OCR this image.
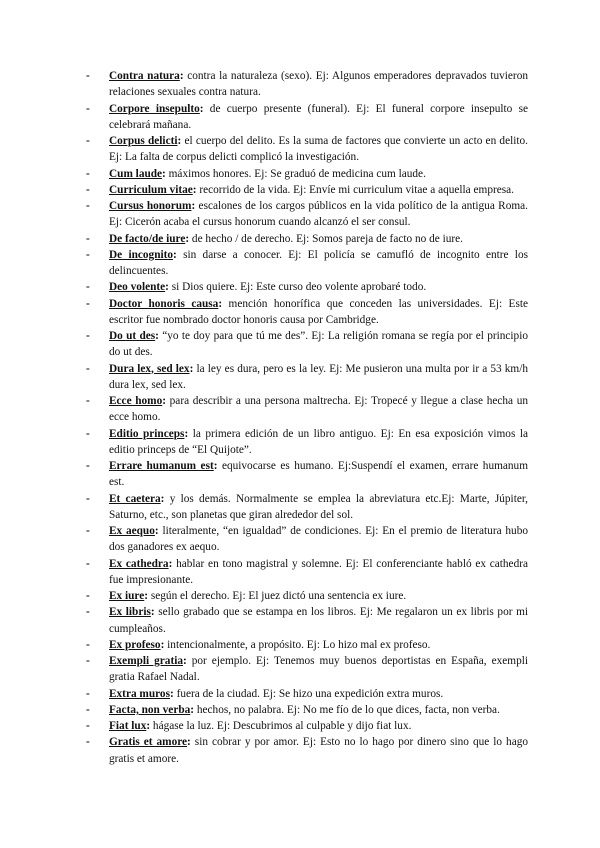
- Contra natura: contra la naturaleza (sexo). Ej: Algunos emperadores depravados tuvieron relaciones sexuales contra natura.
- Corpore insepulto: de cuerpo presente (funeral). Ej: El funeral corpore insepulto se celebrará mañana.
- Corpus delicti: el cuerpo del delito. Es la suma de factores que convierte un acto en delito. Ej: La falta de corpus delicti complicó la investigación.
- Cum laude: máximos honores. Ej: Se graduó de medicina cum laude.
- Curriculum vitae: recorrido de la vida. Ej: Envíe mi curriculum vitae a aquella empresa.
- Cursus honorum: escalones de los cargos públicos en la vida político de la antigua Roma. Ej: Cicerón acaba el cursus honorum cuando alcanzó el ser consul.
- De facto/de iure: de hecho / de derecho. Ej: Somos pareja de facto no de iure.
- De incognito: sin darse a conocer. Ej: El policía se camufló de incognito entre los delincuentes.
- Deo volente: si Dios quiere. Ej: Este curso deo volente aprobaré todo.
- Doctor honoris causa: mención honorífica que conceden las universidades. Ej: Este escritor fue nombrado doctor honoris causa por Cambridge.
- Do ut des: “yo te doy para que tú me des”. Ej: La religión romana se regía por el principio do ut des.
- Dura lex, sed lex: la ley es dura, pero es la ley. Ej: Me pusieron una multa por ir a 53 km/h dura lex, sed lex.
- Ecce homo: para describir a una persona maltrecha. Ej: Tropecé y llegue a clase hecha un ecce homo.
- Editio princeps: la primera edición de un libro antiguo. Ej: En esa exposición vimos la editio princeps de “El Quijote”.
- Errare humanum est: equivocarse es humano. Ej:Suspendí el examen, errare humanum est.
- Et caetera: y los demás. Normalmente se emplea la abreviatura etc.Ej: Marte, Júpiter, Saturno, etc., son planetas que giran alrededor del sol.
- Ex aequo: literalmente, “en igualdad” de condiciones. Ej: En el premio de literatura hubo dos ganadores ex aequo.
- Ex cathedra: hablar en tono magistral y solemne. Ej: El conferenciante habló ex cathedra fue impresionante.
- Ex iure: según el derecho. Ej: El juez dictó una sentencia ex iure.
- Ex libris: sello grabado que se estampa en los libros. Ej: Me regalaron un ex libris por mi cumpleaños.
- Ex profeso: intencionalmente, a propósito. Ej: Lo hizo mal ex profeso.
- Exempli gratia: por ejemplo. Ej: Tenemos muy buenos deportistas en España, exempli gratia Rafael Nadal.
- Extra muros: fuera de la ciudad. Ej: Se hizo una expedición extra muros.
- Facta, non verba: hechos, no palabra. Ej: No me fío de lo que dices, facta, non verba.
- Fiat lux: hágase la luz. Ej: Descubrimos al culpable y dijo fiat lux.
- Gratis et amore: sin cobrar y por amor. Ej: Esto no lo hago por dinero sino que lo hago gratis et amore.
